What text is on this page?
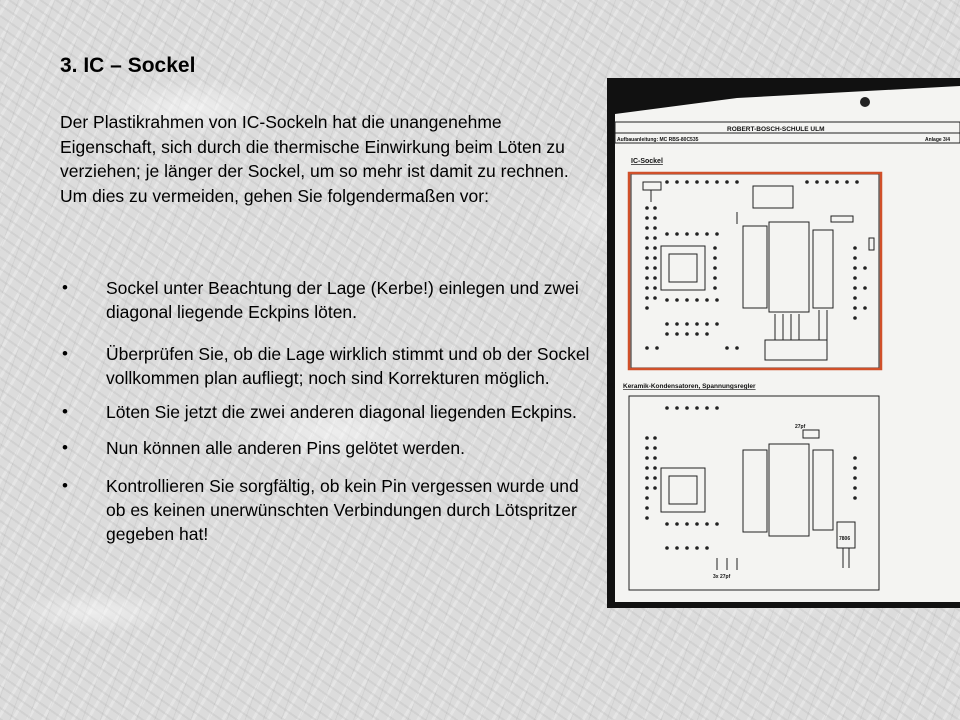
3. IC – Sockel

Der Plastikrahmen von IC-Sockeln hat die unangenehme Eigenschaft, sich durch die thermische Einwirkung beim Löten zu verziehen; je länger der Sockel, um so mehr ist damit zu rechnen. Um dies zu vermeiden, gehen Sie folgendermaßen vor:

• Sockel unter Beachtung der Lage (Kerbe!) einlegen und zwei diagonal liegende Eckpins löten.
• Überprüfen Sie, ob die Lage wirklich stimmt und ob der Sockel vollkommen plan aufliegt; noch sind Korrekturen möglich.
• Löten Sie jetzt die zwei anderen diagonal liegenden Eckpins.
• Nun können alle anderen Pins gelötet werden.
• Kontrollieren Sie sorgfältig, ob kein Pin vergessen wurde und ob es keinen unerwünschten Verbindungen durch Lötspritzer gegeben hat!
ROBERT-BOSCH-SCHULE ULM
Aufbauanleitung: MC RBS-80C535	Anlage 3/4
3. IC-Sockel
4. Keramik-Kondensatoren, Spannungsregler
27pf
3x 27pf
7806
